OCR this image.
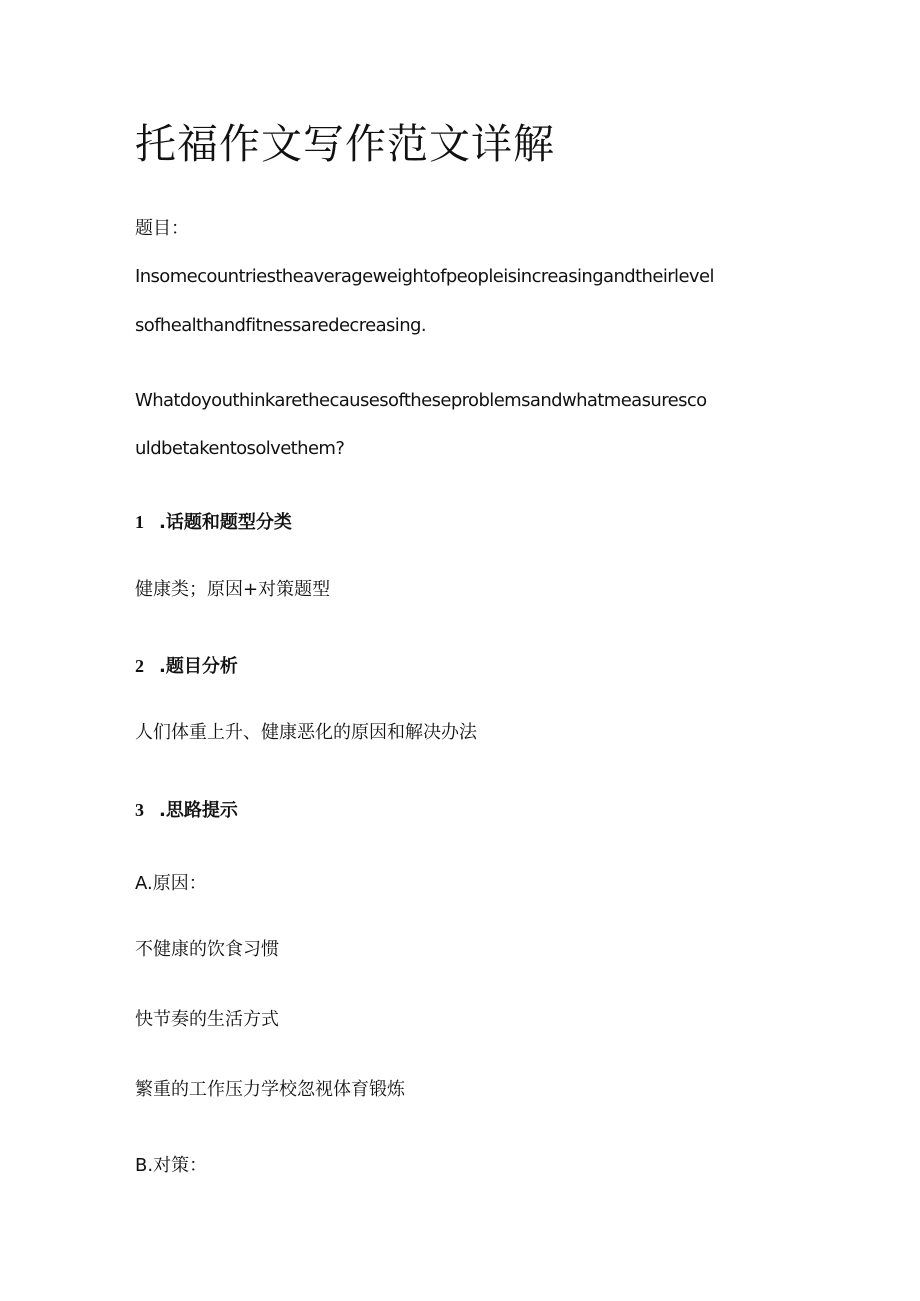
托福作文写作范文详解

题目：

Insomecountriestheaverageweightofpeopleisincreasingandtheirlevel

sofhealthandfitnessaredecreasing.

Whatdoyouthinkarethecausesoftheseproblemsandwhatmeasuresco

uldbetakentosolvethem?

1 .话题和题型分类

健康类；原因+对策题型

2 .题目分析

人们体重上升、健康恶化的原因和解决办法

3 .思路提示

A.原因：

不健康的饮食习惯

快节奏的生活方式

繁重的工作压力学校忽视体育锻炼

B.对策：
